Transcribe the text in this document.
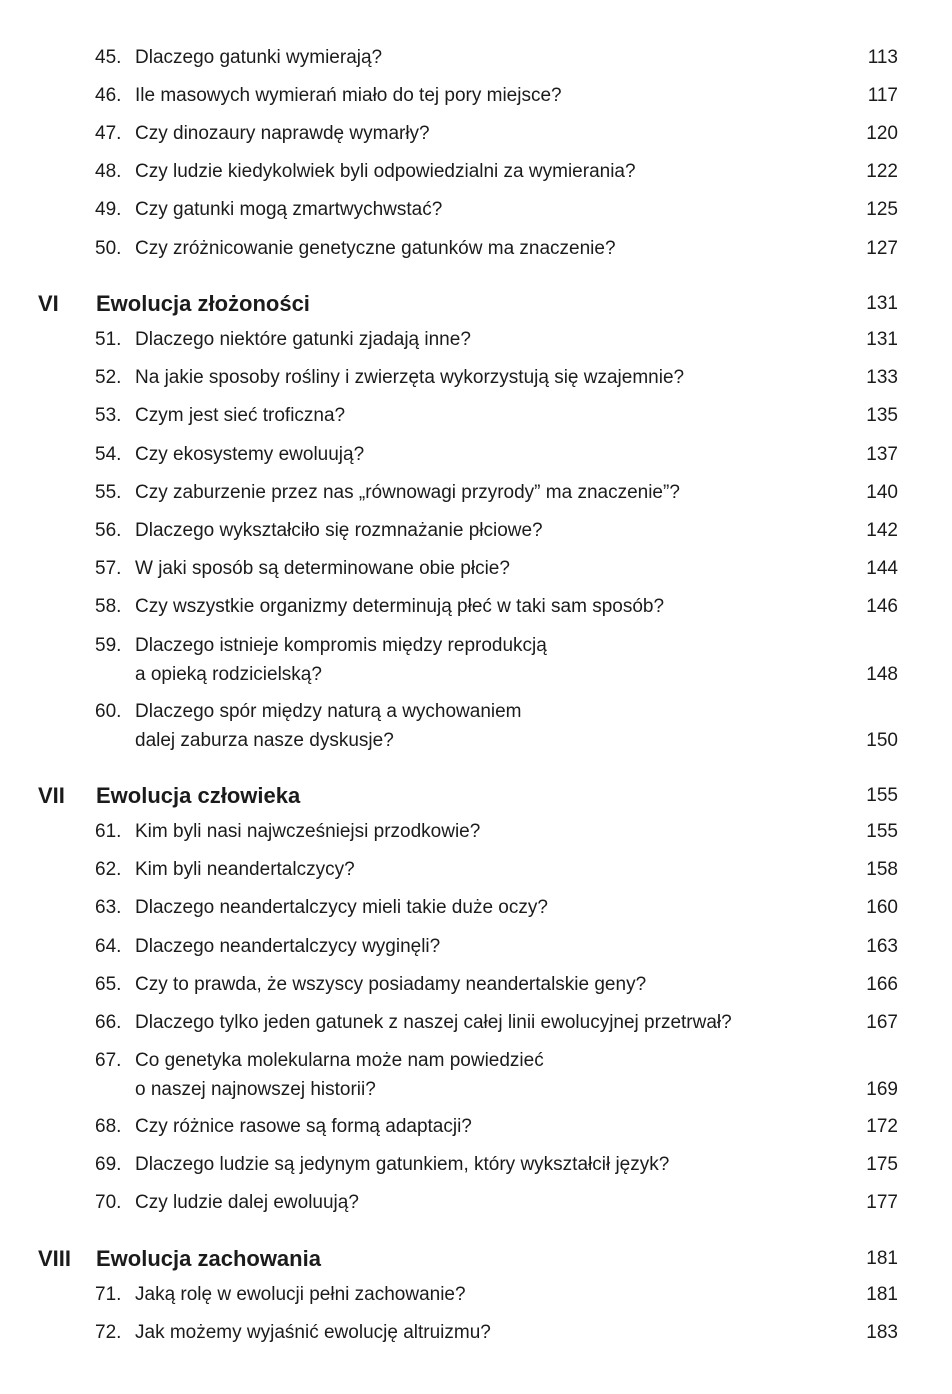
45. Dlaczego gatunki wymierają? . . .	113
46. Ile masowych wymierań miało do tej pory miejsce? . . .	117
47. Czy dinozaury naprawdę wymarły? . . .	120
48. Czy ludzie kiedykolwiek byli odpowiedzialni za wymierania? . . .	122
49. Czy gatunki mogą zmartwychwstać? . . .	125
50. Czy zróżnicowanie genetyczne gatunków ma znaczenie? . . .	127
VI	Ewolucja złożoności . . .	131
51. Dlaczego niektóre gatunki zjadają inne? . . .	131
52. Na jakie sposoby rośliny i zwierzęta wykorzystują się wzajemnie? . . .	133
53. Czym jest sieć troficzna? . . .	135
54. Czy ekosystemy ewoluują? . . .	137
55. Czy zaburzenie przez nas „równowagi przyrody” ma znaczenie”? . . .	140
56. Dlaczego wykształciło się rozmnażanie płciowe? . . .	142
57. W jaki sposób są determinowane obie płcie? . . .	144
58. Czy wszystkie organizmy determinują płeć w taki sam sposób? . . .	146
59. Dlaczego istnieje kompromis między reprodukcją
a opieką rodzicielską? . . .	148
60. Dlaczego spór między naturą a wychowaniem
dalej zaburza nasze dyskusje? . . .	150
VII	Ewolucja człowieka . . .	155
61. Kim byli nasi najwcześniejsi przodkowie? . . .	155
62. Kim byli neandertalczycy? . . .	158
63. Dlaczego neandertalczycy mieli takie duże oczy? . . .	160
64. Dlaczego neandertalczycy wyginęli? . . .	163
65. Czy to prawda, że wszyscy posiadamy neandertalskie geny? . . .	166
66. Dlaczego tylko jeden gatunek z naszej całej linii ewolucyjnej przetrwał? . . .	167
67. Co genetyka molekularna może nam powiedzieć
o naszej najnowszej historii? . . .	169
68. Czy różnice rasowe są formą adaptacji? . . .	172
69. Dlaczego ludzie są jedynym gatunkiem, który wykształcił język? . . .	175
70. Czy ludzie dalej ewoluują? . . .	177
VIII	Ewolucja zachowania . . .	181
71. Jaką rolę w ewolucji pełni zachowanie? . . .	181
72. Jak możemy wyjaśnić ewolucję altruizmu? . . .	183
